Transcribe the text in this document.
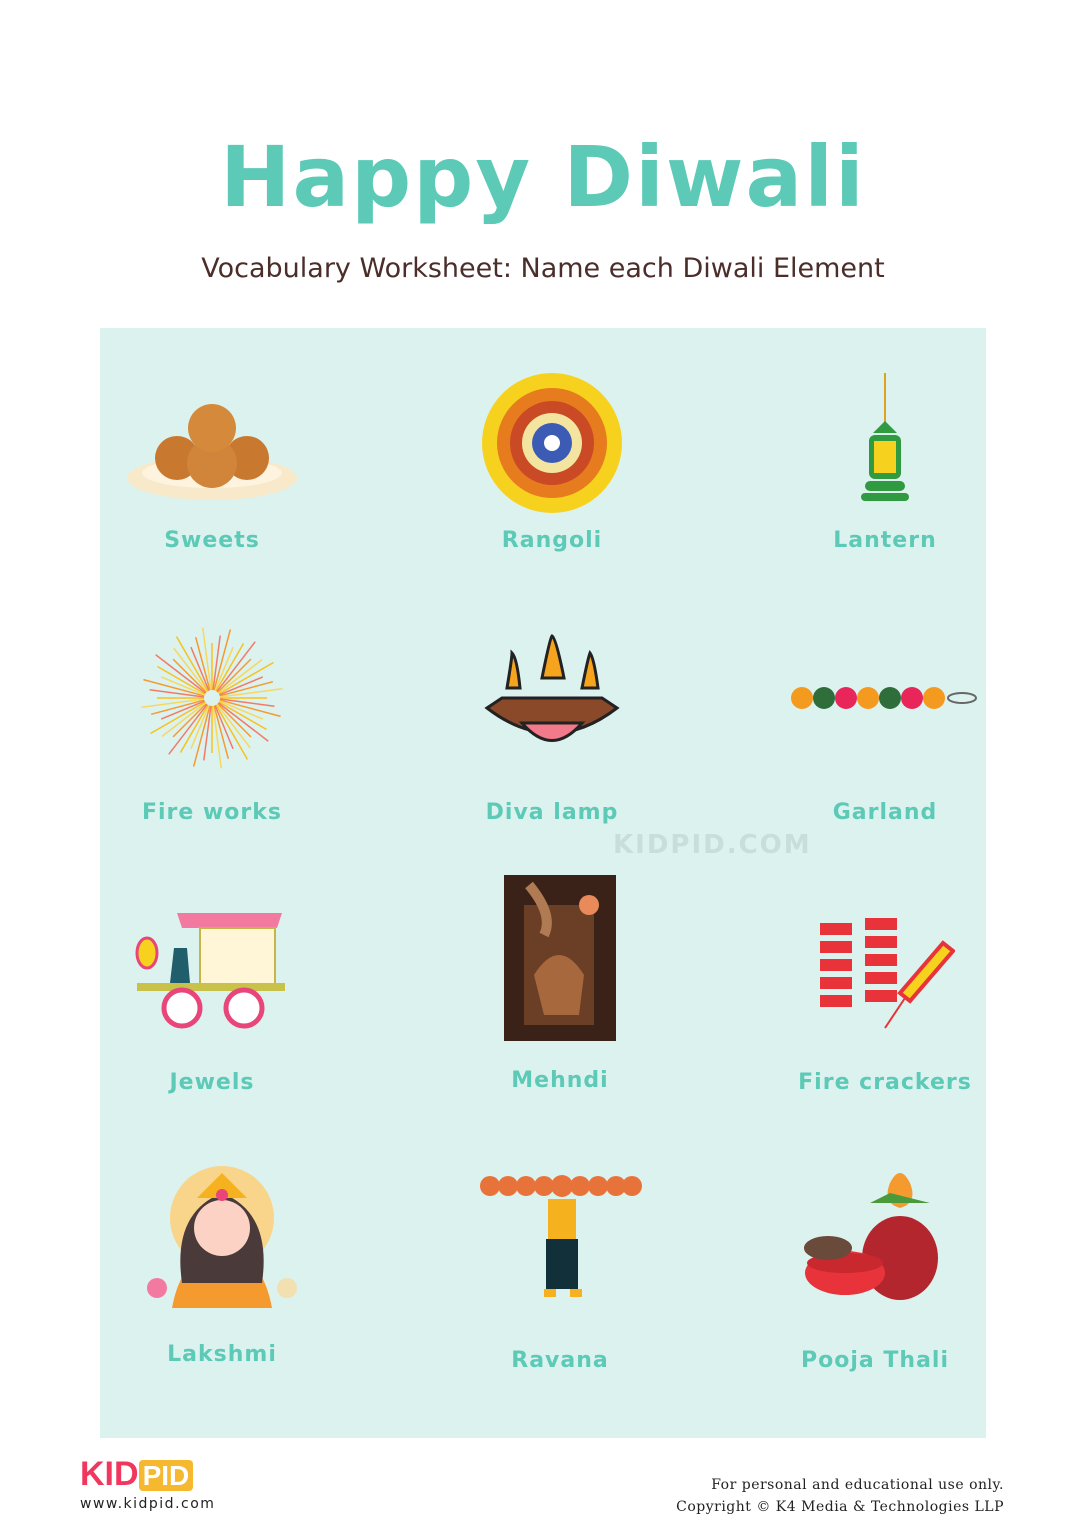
Happy Diwali
Vocabulary Worksheet: Name each Diwali Element
Sweets	Rangoli	Lantern
Fire works	Diva lamp	Garland
KIDPID.COM
Jewels	Mehndi	Fire crackers
Lakshmi	Ravana	Pooja Thali
KID PID
www.kidpid.com
For personal and educational use only.
Copyright © K4 Media & Technologies LLP
